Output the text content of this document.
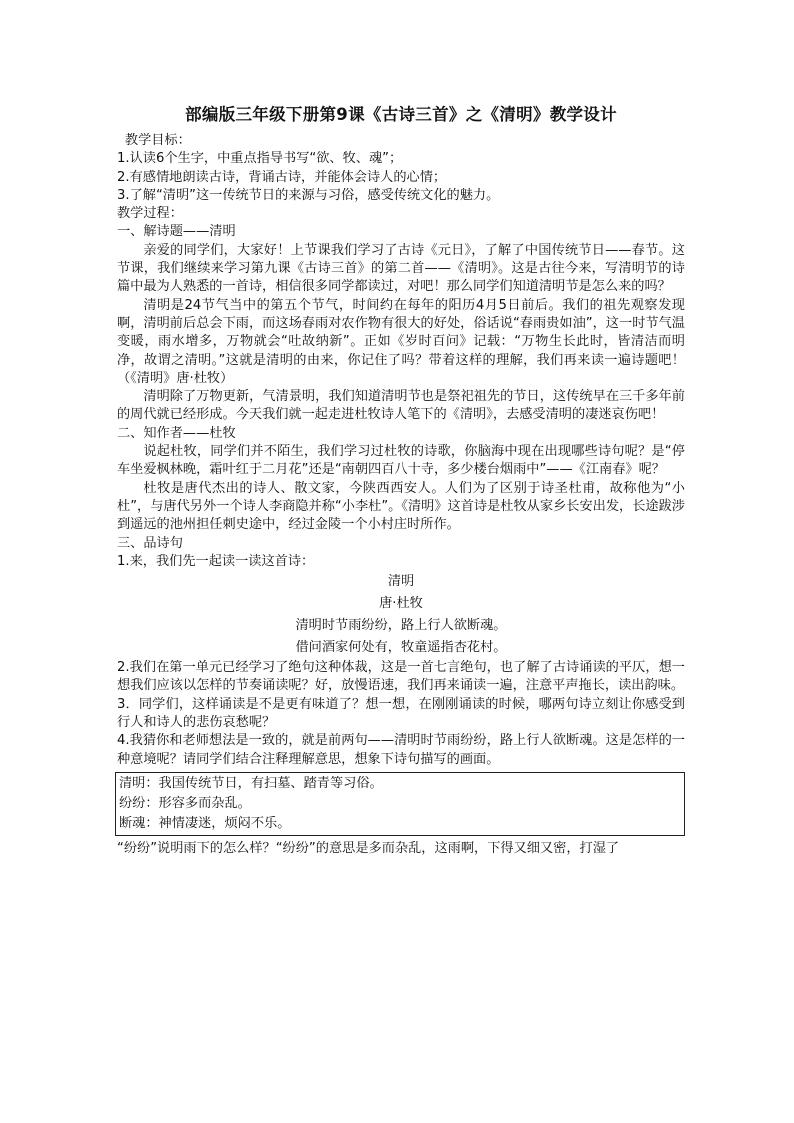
部编版三年级下册第9课《古诗三首》之《清明》教学设计

教学目标：

1.认读6个生字，中重点指导书写“欲、牧、魂”；

2.有感情地朗读古诗，背诵古诗，并能体会诗人的心情；

3.了解“清明”这一传统节日的来源与习俗，感受传统文化的魅力。

教学过程：

一、解诗题——清明

亲爱的同学们，大家好！上节课我们学习了古诗《元日》，了解了中国传统节日——春节。这节课，我们继续来学习第九课《古诗三首》的第二首——《清明》。这是古往今来，写清明节的诗篇中最为人熟悉的一首诗，相信很多同学都读过，对吧！那么同学们知道清明节是怎么来的吗？

清明是24节气当中的第五个节气，时间约在每年的阳历4月5日前后。我们的祖先观察发现啊，清明前后总会下雨，而这场春雨对农作物有很大的好处，俗话说“春雨贵如油”，这一时节气温变暖，雨水增多，万物就会“吐故纳新”。正如《岁时百问》记载：“万物生长此时，皆清洁而明净，故谓之清明。”这就是清明的由来，你记住了吗？带着这样的理解，我们再来读一遍诗题吧！（《清明》唐·杜牧）

清明除了万物更新，气清景明，我们知道清明节也是祭祀祖先的节日，这传统早在三千多年前的周代就已经形成。今天我们就一起走进杜牧诗人笔下的《清明》，去感受清明的凄迷哀伤吧！

二、知作者——杜牧

说起杜牧，同学们并不陌生，我们学习过杜牧的诗歌，你脑海中现在出现哪些诗句呢？是“停车坐爱枫林晚，霜叶红于二月花”还是“南朝四百八十寺，多少楼台烟雨中”——《江南春》呢？

杜牧是唐代杰出的诗人、散文家，今陕西西安人。人们为了区别于诗圣杜甫，故称他为“小杜”，与唐代另外一个诗人李商隐并称“小李杜”。《清明》这首诗是杜牧从家乡长安出发，长途跋涉到遥远的池州担任刺史途中，经过金陵一个小村庄时所作。

三、品诗句

1.来，我们先一起读一读这首诗：

清明
唐·杜牧
清明时节雨纷纷，路上行人欲断魂。
借问酒家何处有，牧童遥指杏花村。

2.我们在第一单元已经学习了绝句这种体裁，这是一首七言绝句，也了解了古诗诵读的平仄，想一想我们应该以怎样的节奏诵读呢？好，放慢语速，我们再来诵读一遍，注意平声拖长，读出韵味。

3．同学们，这样诵读是不是更有味道了？想一想，在刚刚诵读的时候，哪两句诗立刻让你感受到行人和诗人的悲伤哀愁呢？

4.我猜你和老师想法是一致的，就是前两句——清明时节雨纷纷，路上行人欲断魂。这是怎样的一种意境呢？请同学们结合注释理解意思，想象下诗句描写的画面。

清明：我国传统节日，有扫墓、踏青等习俗。

纷纷：形容多而杂乱。

断魂：神情凄迷，烦闷不乐。

“纷纷”说明雨下的怎么样？“纷纷”的意思是多而杂乱，这雨啊，下得又细又密，打湿了
